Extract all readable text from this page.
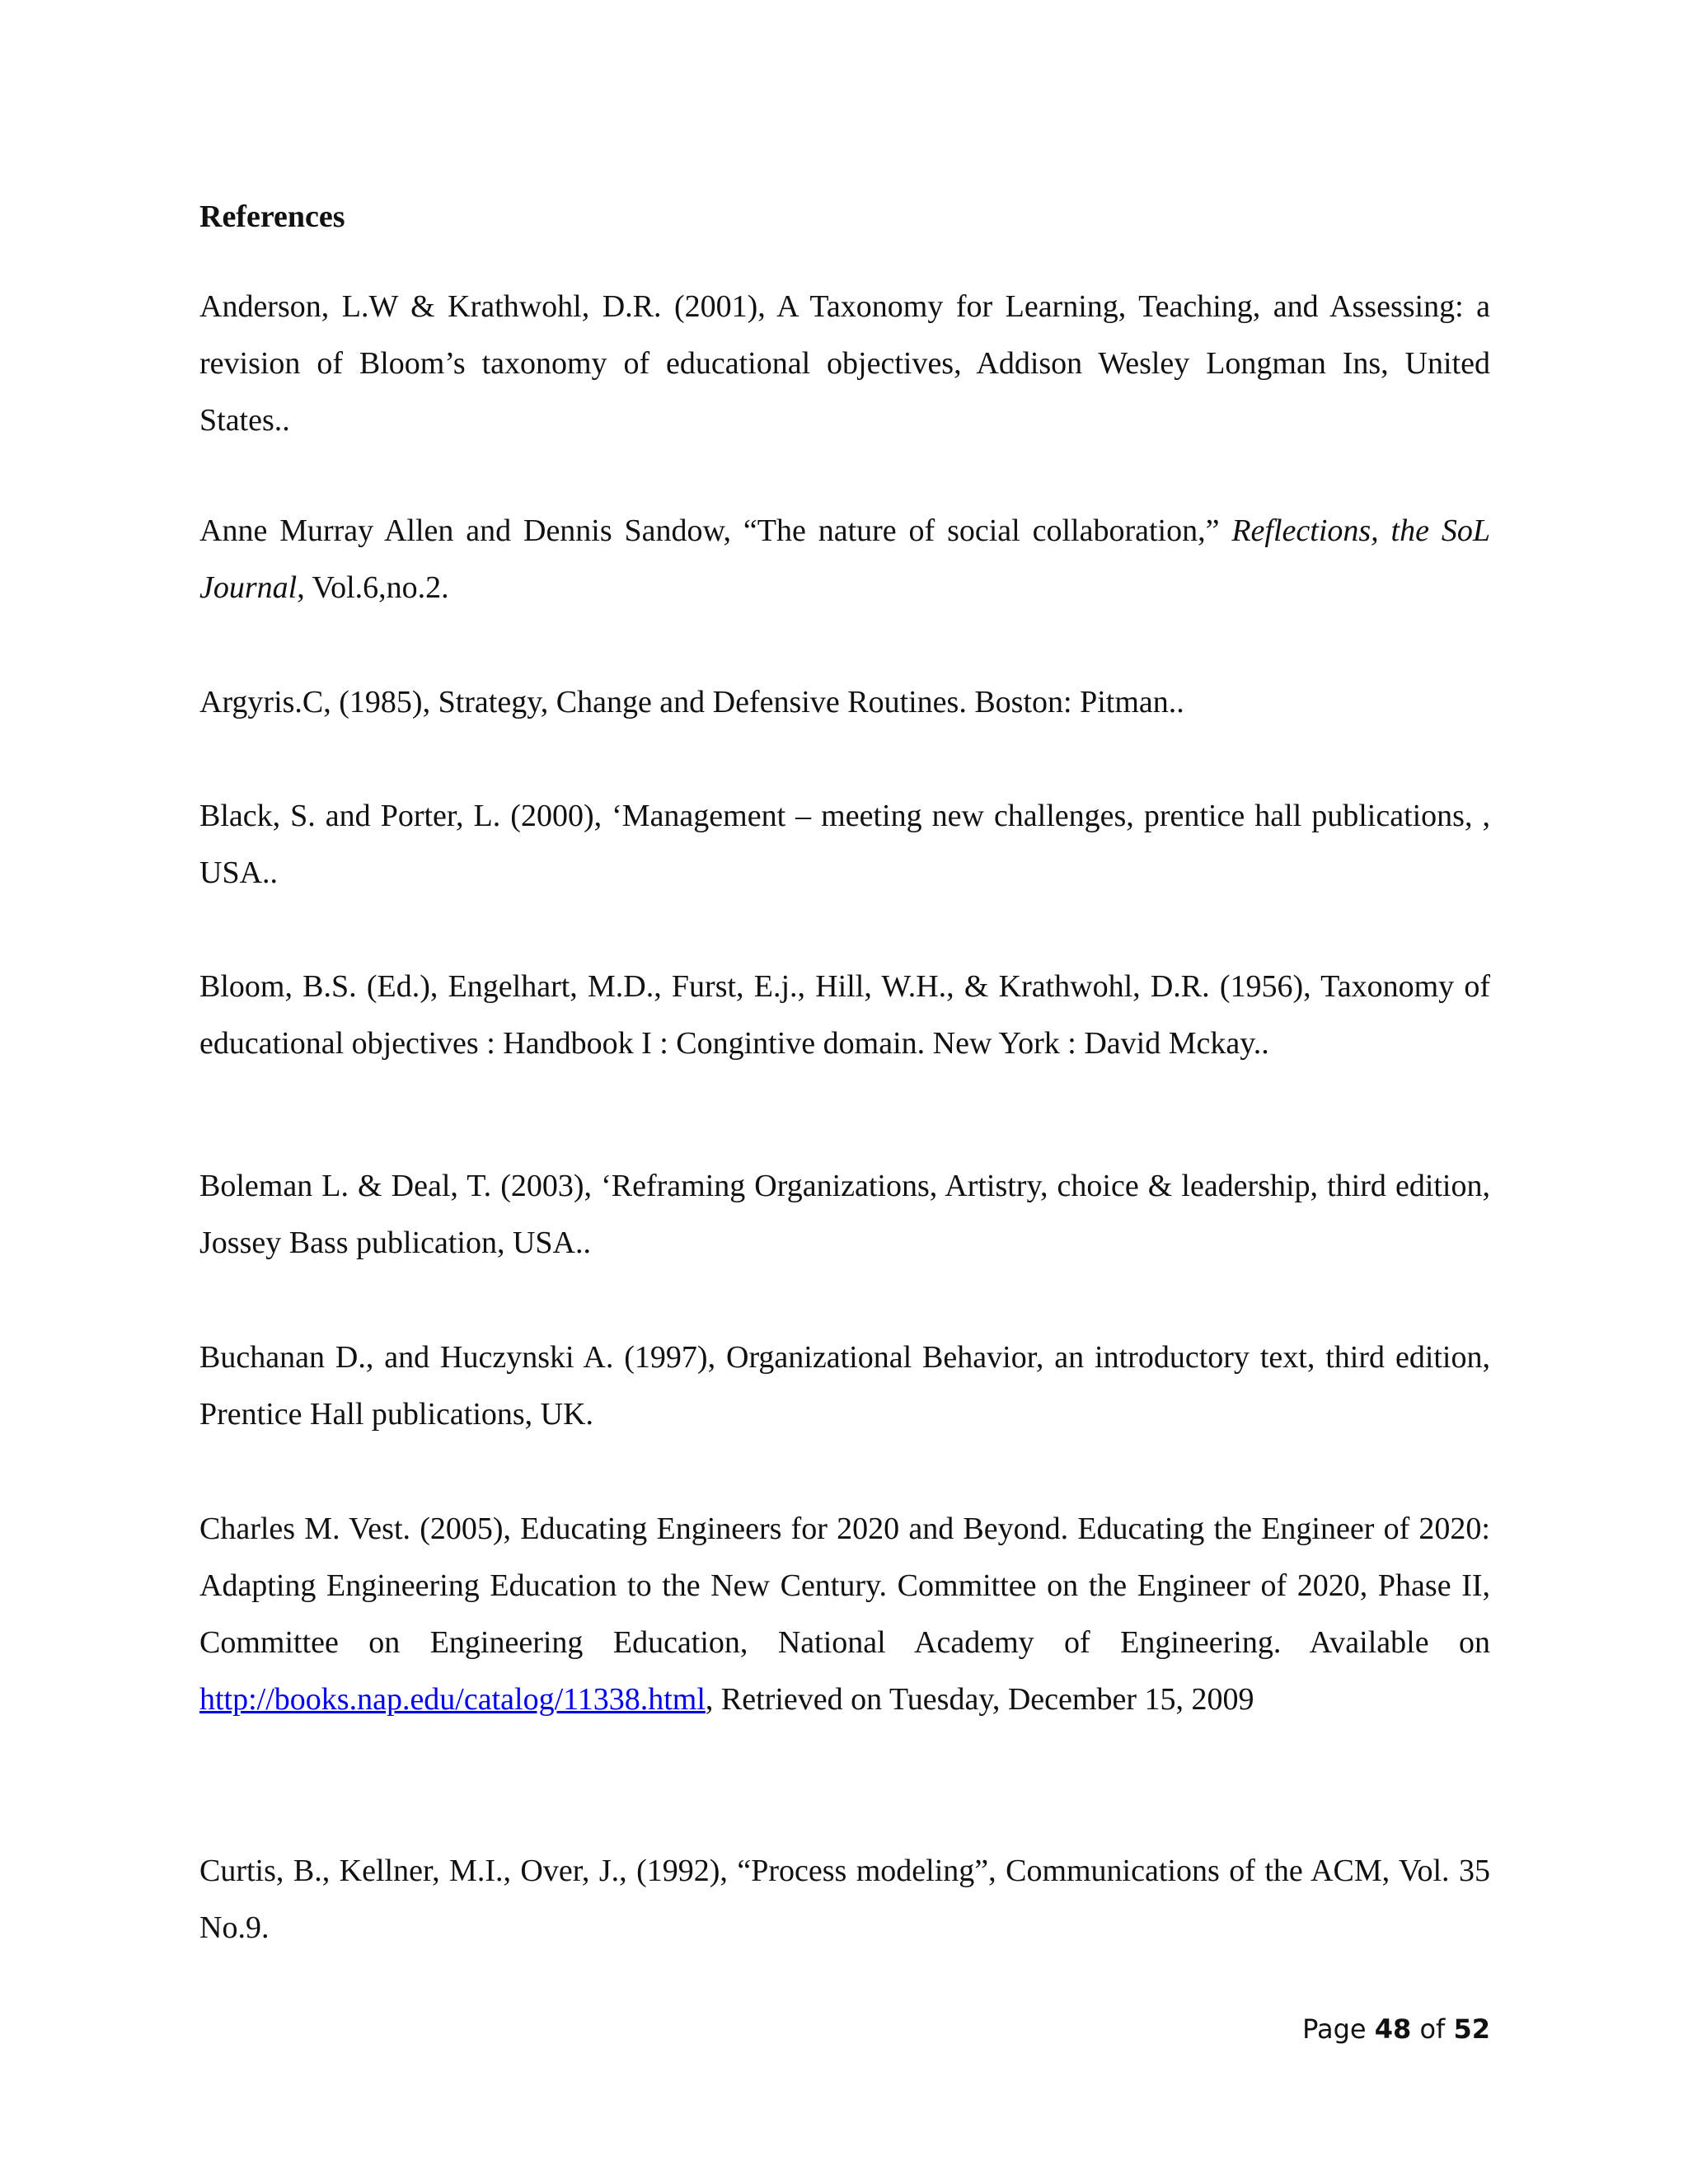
References

Anderson, L.W & Krathwohl, D.R. (2001), A Taxonomy for Learning, Teaching, and Assessing: a revision of Bloom’s taxonomy of educational objectives, Addison Wesley Longman Ins, United States..

Anne Murray Allen and Dennis Sandow, “The nature of social collaboration,” Reflections, the SoL Journal, Vol.6,no.2.

Argyris.C, (1985), Strategy, Change and Defensive Routines. Boston: Pitman..

Black, S. and Porter, L. (2000), ‘Management – meeting new challenges, prentice hall publications, , USA..

Bloom, B.S. (Ed.), Engelhart, M.D., Furst, E.j., Hill, W.H., & Krathwohl, D.R. (1956), Taxonomy of educational objectives : Handbook I : Congintive domain. New York : David Mckay..

Boleman L. & Deal, T. (2003), ‘Reframing Organizations, Artistry, choice & leadership, third edition, Jossey Bass publication, USA..

Buchanan D., and Huczynski A. (1997), Organizational Behavior, an introductory text, third edition, Prentice Hall publications, UK.

Charles M. Vest. (2005), Educating Engineers for 2020 and Beyond. Educating the Engineer of 2020: Adapting Engineering Education to the New Century. Committee on the Engineer of 2020, Phase II, Committee on Engineering Education, National Academy of Engineering. Available on http://books.nap.edu/catalog/11338.html, Retrieved on Tuesday, December 15, 2009

Curtis, B., Kellner, M.I., Over, J., (1992), “Process modeling”, Communications of the ACM, Vol. 35 No.9.

Page 48 of 52
